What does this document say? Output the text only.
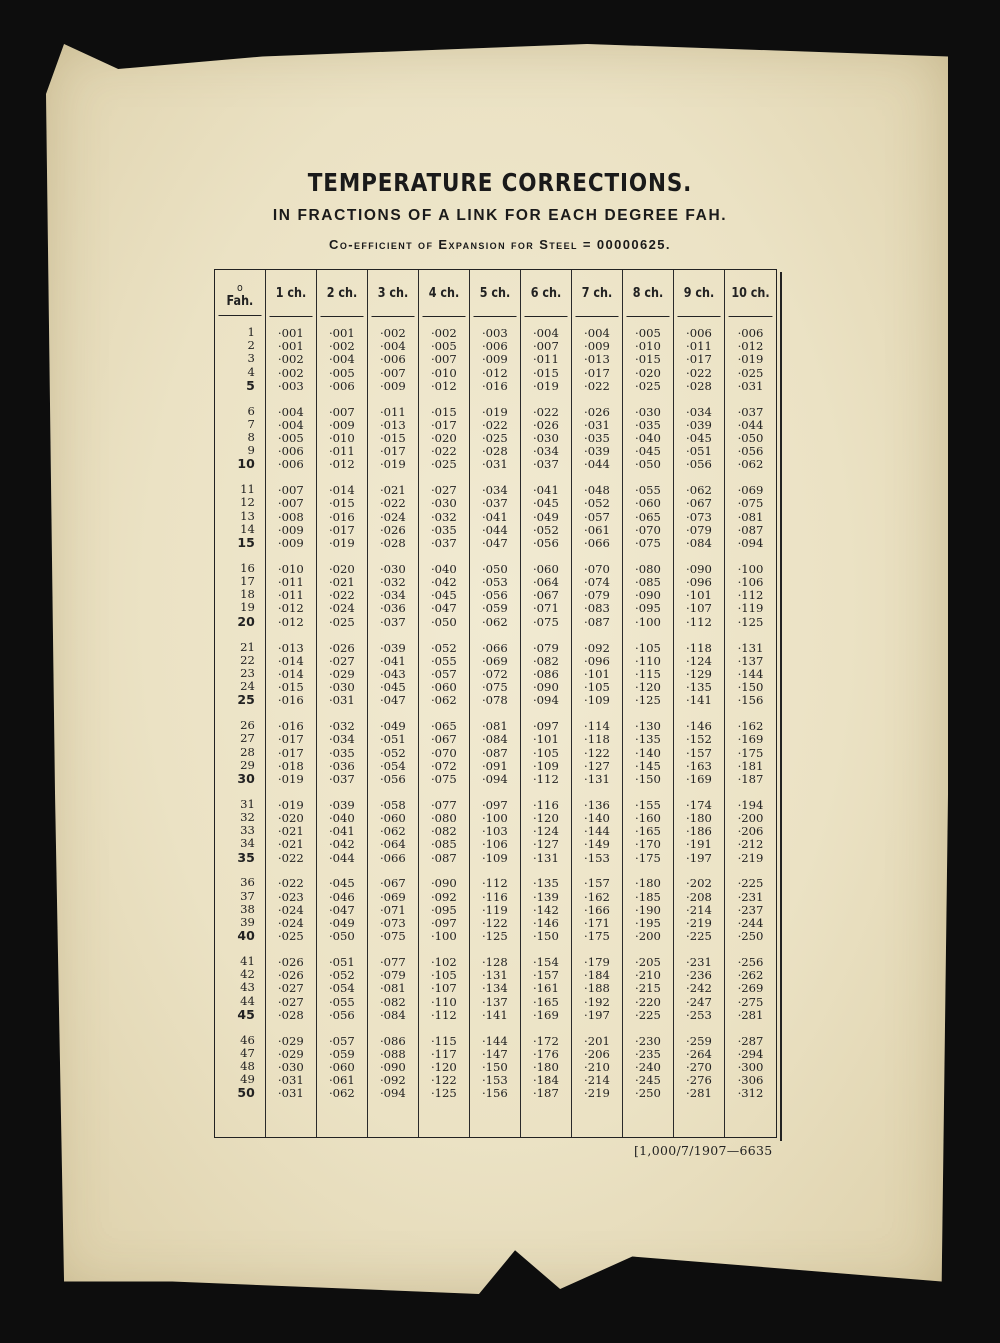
TEMPERATURE CORRECTIONS.
IN FRACTIONS OF A LINK FOR EACH DEGREE FAH.
Co-efficient of Expansion for Steel = 00000625.
o
Fah.
1
2
3
4
5
6
7
8
9
10
11
12
13
14
15
16
17
18
19
20
21
22
23
24
25
26
27
28
29
30
31
32
33
34
35
36
37
38
39
40
41
42
43
44
45
46
47
48
49
50
1 ch.
·001
·001
·002
·002
·003
·004
·004
·005
·006
·006
·007
·007
·008
·009
·009
·010
·011
·011
·012
·012
·013
·014
·014
·015
·016
·016
·017
·017
·018
·019
·019
·020
·021
·021
·022
·022
·023
·024
·024
·025
·026
·026
·027
·027
·028
·029
·029
·030
·031
·031
2 ch.
·001
·002
·004
·005
·006
·007
·009
·010
·011
·012
·014
·015
·016
·017
·019
·020
·021
·022
·024
·025
·026
·027
·029
·030
·031
·032
·034
·035
·036
·037
·039
·040
·041
·042
·044
·045
·046
·047
·049
·050
·051
·052
·054
·055
·056
·057
·059
·060
·061
·062
3 ch.
·002
·004
·006
·007
·009
·011
·013
·015
·017
·019
·021
·022
·024
·026
·028
·030
·032
·034
·036
·037
·039
·041
·043
·045
·047
·049
·051
·052
·054
·056
·058
·060
·062
·064
·066
·067
·069
·071
·073
·075
·077
·079
·081
·082
·084
·086
·088
·090
·092
·094
4 ch.
·002
·005
·007
·010
·012
·015
·017
·020
·022
·025
·027
·030
·032
·035
·037
·040
·042
·045
·047
·050
·052
·055
·057
·060
·062
·065
·067
·070
·072
·075
·077
·080
·082
·085
·087
·090
·092
·095
·097
·100
·102
·105
·107
·110
·112
·115
·117
·120
·122
·125
5 ch.
·003
·006
·009
·012
·016
·019
·022
·025
·028
·031
·034
·037
·041
·044
·047
·050
·053
·056
·059
·062
·066
·069
·072
·075
·078
·081
·084
·087
·091
·094
·097
·100
·103
·106
·109
·112
·116
·119
·122
·125
·128
·131
·134
·137
·141
·144
·147
·150
·153
·156
6 ch.
·004
·007
·011
·015
·019
·022
·026
·030
·034
·037
·041
·045
·049
·052
·056
·060
·064
·067
·071
·075
·079
·082
·086
·090
·094
·097
·101
·105
·109
·112
·116
·120
·124
·127
·131
·135
·139
·142
·146
·150
·154
·157
·161
·165
·169
·172
·176
·180
·184
·187
7 ch.
·004
·009
·013
·017
·022
·026
·031
·035
·039
·044
·048
·052
·057
·061
·066
·070
·074
·079
·083
·087
·092
·096
·101
·105
·109
·114
·118
·122
·127
·131
·136
·140
·144
·149
·153
·157
·162
·166
·171
·175
·179
·184
·188
·192
·197
·201
·206
·210
·214
·219
8 ch.
·005
·010
·015
·020
·025
·030
·035
·040
·045
·050
·055
·060
·065
·070
·075
·080
·085
·090
·095
·100
·105
·110
·115
·120
·125
·130
·135
·140
·145
·150
·155
·160
·165
·170
·175
·180
·185
·190
·195
·200
·205
·210
·215
·220
·225
·230
·235
·240
·245
·250
9 ch.
·006
·011
·017
·022
·028
·034
·039
·045
·051
·056
·062
·067
·073
·079
·084
·090
·096
·101
·107
·112
·118
·124
·129
·135
·141
·146
·152
·157
·163
·169
·174
·180
·186
·191
·197
·202
·208
·214
·219
·225
·231
·236
·242
·247
·253
·259
·264
·270
·276
·281
10 ch.
·006
·012
·019
·025
·031
·037
·044
·050
·056
·062
·069
·075
·081
·087
·094
·100
·106
·112
·119
·125
·131
·137
·144
·150
·156
·162
·169
·175
·181
·187
·194
·200
·206
·212
·219
·225
·231
·237
·244
·250
·256
·262
·269
·275
·281
·287
·294
·300
·306
·312
[1,000/7/1907—6635
